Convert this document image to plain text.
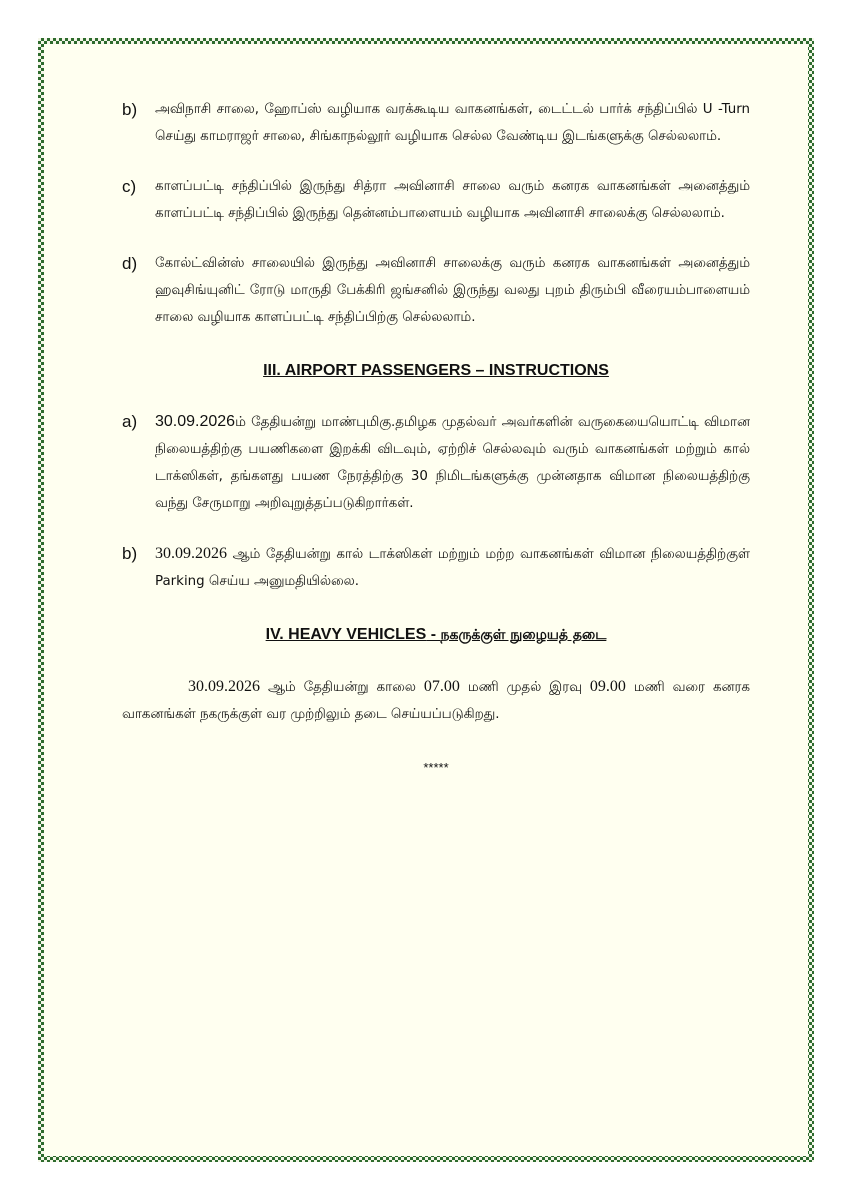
b)	அவிநாசி சாலை, ஹோப்ஸ் வழியாக வரக்கூடிய வாகனங்கள், டைட்டல் பார்க் சந்திப்பில் U -Turn செய்து காமராஜர் சாலை, சிங்காநல்லூர் வழியாக செல்ல வேண்டிய இடங்களுக்கு செல்லலாம்.
c)	காளப்பட்டி சந்திப்பில் இருந்து சித்ரா அவினாசி சாலை வரும் கனரக வாகனங்கள் அனைத்தும் காளப்பட்டி சந்திப்பில் இருந்து தென்னம்பாளையம் வழியாக அவினாசி சாலைக்கு செல்லலாம்.
d)	கோல்ட்வின்ஸ் சாலையில் இருந்து அவினாசி சாலைக்கு வரும் கனரக வாகனங்கள் அனைத்தும் ஹவுசிங்யுனிட் ரோடு மாருதி பேக்கிரி ஜங்சனில் இருந்து வலது புறம் திரும்பி வீரையம்பாளையம் சாலை வழியாக காளப்பட்டி சந்திப்பிற்கு செல்லலாம்.
III. AIRPORT PASSENGERS – INSTRUCTIONS
a)	30.09.2026ம் தேதியன்று மாண்புமிகு.தமிழக முதல்வர் அவர்களின் வருகையையொட்டி விமான நிலையத்திற்கு பயணிகளை இறக்கி விடவும், ஏற்றிச் செல்லவும் வரும் வாகனங்கள் மற்றும் கால் டாக்ஸிகள், தங்களது பயண நேரத்திற்கு 30 நிமிடங்களுக்கு முன்னதாக விமான நிலையத்திற்கு வந்து சேருமாறு அறிவுறுத்தப்படுகிறார்கள்.
b)	30.09.2026 ஆம் தேதியன்று கால் டாக்ஸிகள் மற்றும் மற்ற வாகனங்கள் விமான நிலையத்திற்குள் Parking செய்ய அனுமதியில்லை.
IV. HEAVY VEHICLES - நகருக்குள் நுழையத் தடை

30.09.2026 ஆம் தேதியன்று காலை 07.00 மணி முதல் இரவு 09.00 மணி வரை கனரக வாகனங்கள் நகருக்குள் வர முற்றிலும் தடை செய்யப்படுகிறது.

*****
